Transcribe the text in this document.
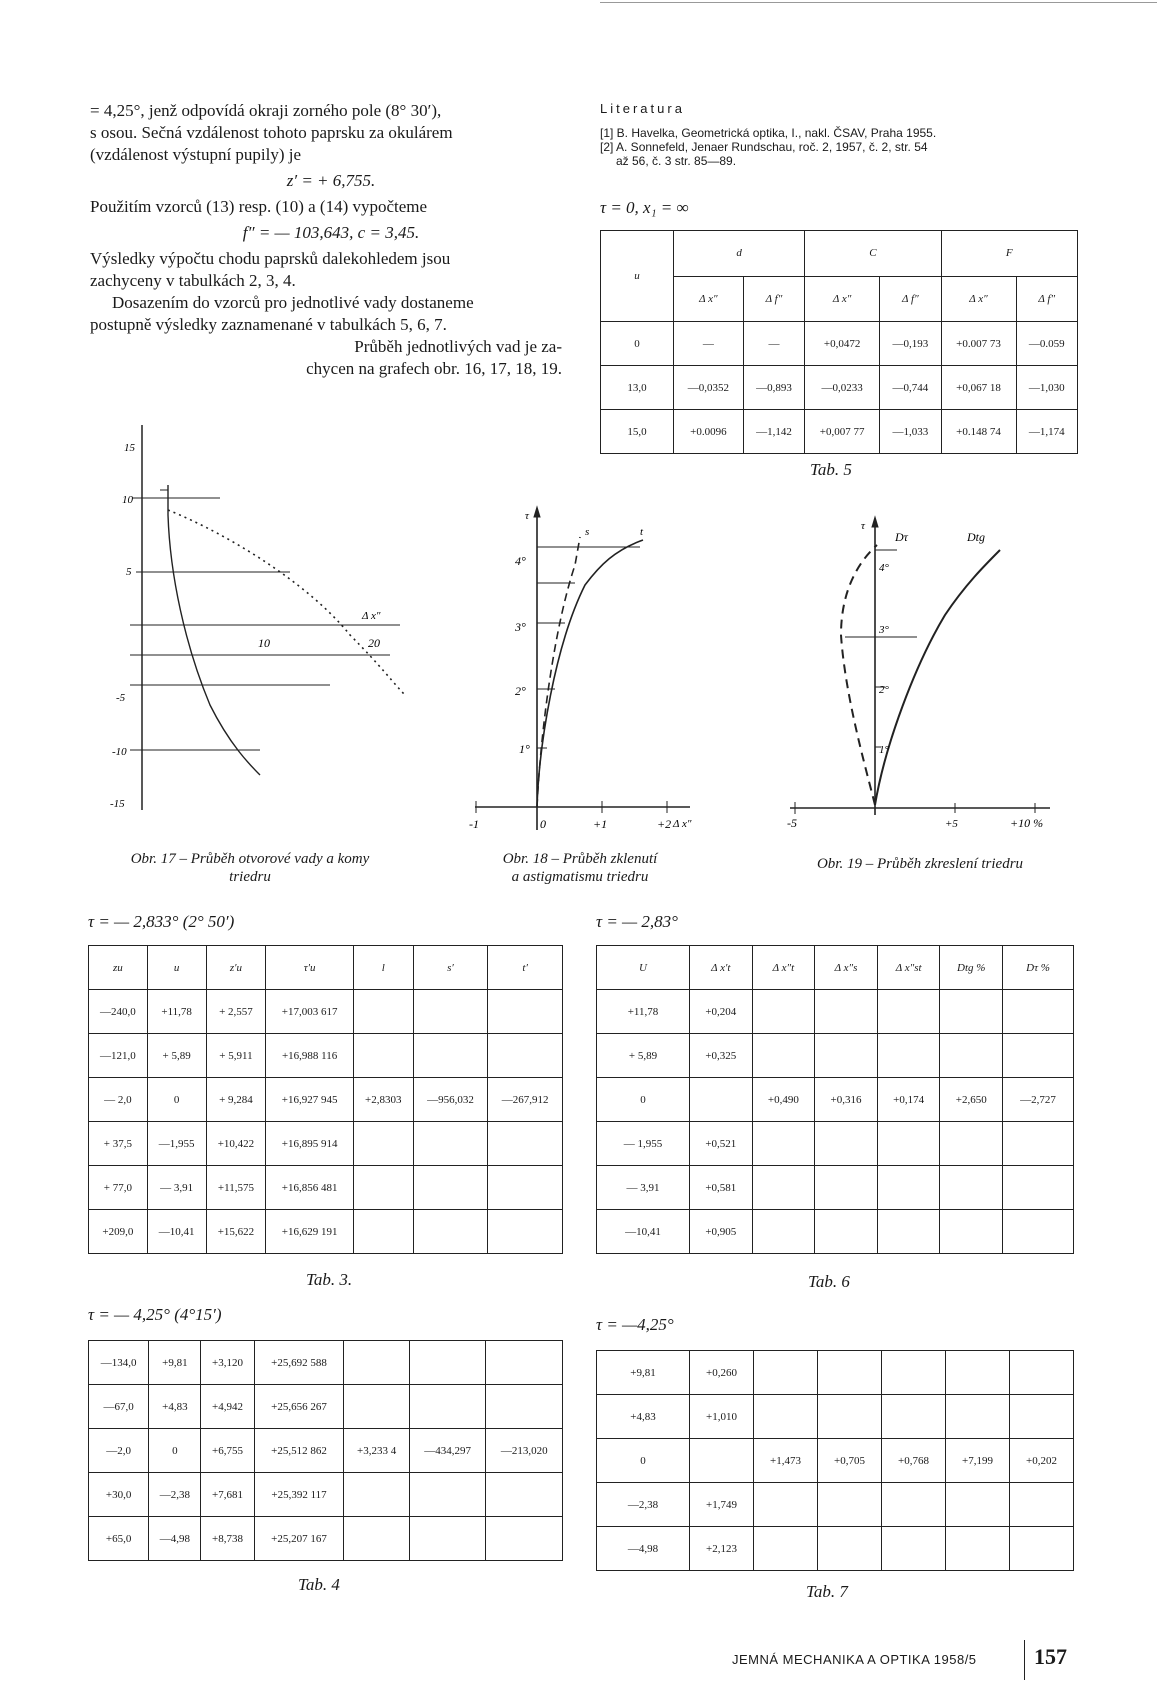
= 4,25°, jenž odpovídá okraji zorného pole (8° 30′),

s osou. Sečná vzdálenost tohoto paprsku za okulárem

(vzdálenost výstupní pupily) je

z′ = + 6,755.

Použitím vzorců (13) resp. (10) a (14) vypočteme

f″ = — 103,643, c = 3,45.

Výsledky výpočtu chodu paprsků dalekohledem jsou

zachyceny v tabulkách 2, 3, 4.

Dosazením do vzorců pro jednotlivé vady dostaneme

postupně výsledky zaznamenané v tabulkách 5, 6, 7.

Průběh jednotlivých vad je za-

chycen na grafech obr. 16, 17, 18, 19.

Literatura
[1] B. Havelka, Geometrická optika, I., nakl. ČSAV, Praha 1955.
[2] A. Sonnefeld, Jenaer Rundschau, roč. 2, 1957, č. 2, str. 54
až 56, č. 3 str. 85—89.
τ = 0, x₁ = ∞
u	d		C		F	
	Δ x″	Δ f″	Δ x″	Δ f″	Δ x″	Δ f″
0	—	—	+0,0472	—0,193	+0.007 73	—0.059
13,0	—0,0352	—0,893	—0,0233	—0,744	+0,067 18	—1,030
15,0	+0.0096	—1,142	+0,007 77	—1,033	+0.148 74	—1,174
Tab. 5
15
10
5
-5
-10
-15
10	20
Δ x″
Obr. 17 – Průběh otvorové vady a komy
triedru
τ
4°
3°
2°
1°
-1	0	+1	+2
s	t
Δ x″
Obr. 18 – Průběh zklenutí
a astigmatismu triedru
τ
4°
3°
2°
1°
-5	+5	+10 %
Dτ	Dtg
Obr. 19 – Průběh zkreslení triedru
τ = — 2,833° (2° 50′)
zu	u	z′u	τ′u	l	s′	t′
—240,0	+11,78	+ 2,557	+17,003 617			
—121,0	+ 5,89	+ 5,911	+16,988 116			
— 2,0	0	+ 9,284	+16,927 945	+2,8303	—956,032	—267,912
+ 37,5	—1,955	+10,422	+16,895 914			
+ 77,0	— 3,91	+11,575	+16,856 481			
+209,0	—10,41	+15,622	+16,629 191			
Tab. 3.
τ = — 2,83°
U	Δ x′t	Δ x″t	Δ x″s	Δ x″st	Dtg %	Dτ %
+11,78	+0,204					
+ 5,89	+0,325					
0		+0,490	+0,316	+0,174	+2,650	—2,727
— 1,955	+0,521					
— 3,91	+0,581					
—10,41	+0,905					
Tab. 6
τ = — 4,25° (4°15′)
—134,0	+9,81	+3,120	+25,692 588			
—67,0	+4,83	+4,942	+25,656 267			
—2,0	0	+6,755	+25,512 862	+3,233 4	—434,297	—213,020
+30,0	—2,38	+7,681	+25,392 117			
+65,0	—4,98	+8,738	+25,207 167			
Tab. 4
τ = —4,25°
+9,81	+0,260					
+4,83	+1,010					
0		+1,473	+0,705	+0,768	+7,199	+0,202
—2,38	+1,749					
—4,98	+2,123					
Tab. 7
JEMNÁ MECHANIKA A OPTIKA 1958/5	157
